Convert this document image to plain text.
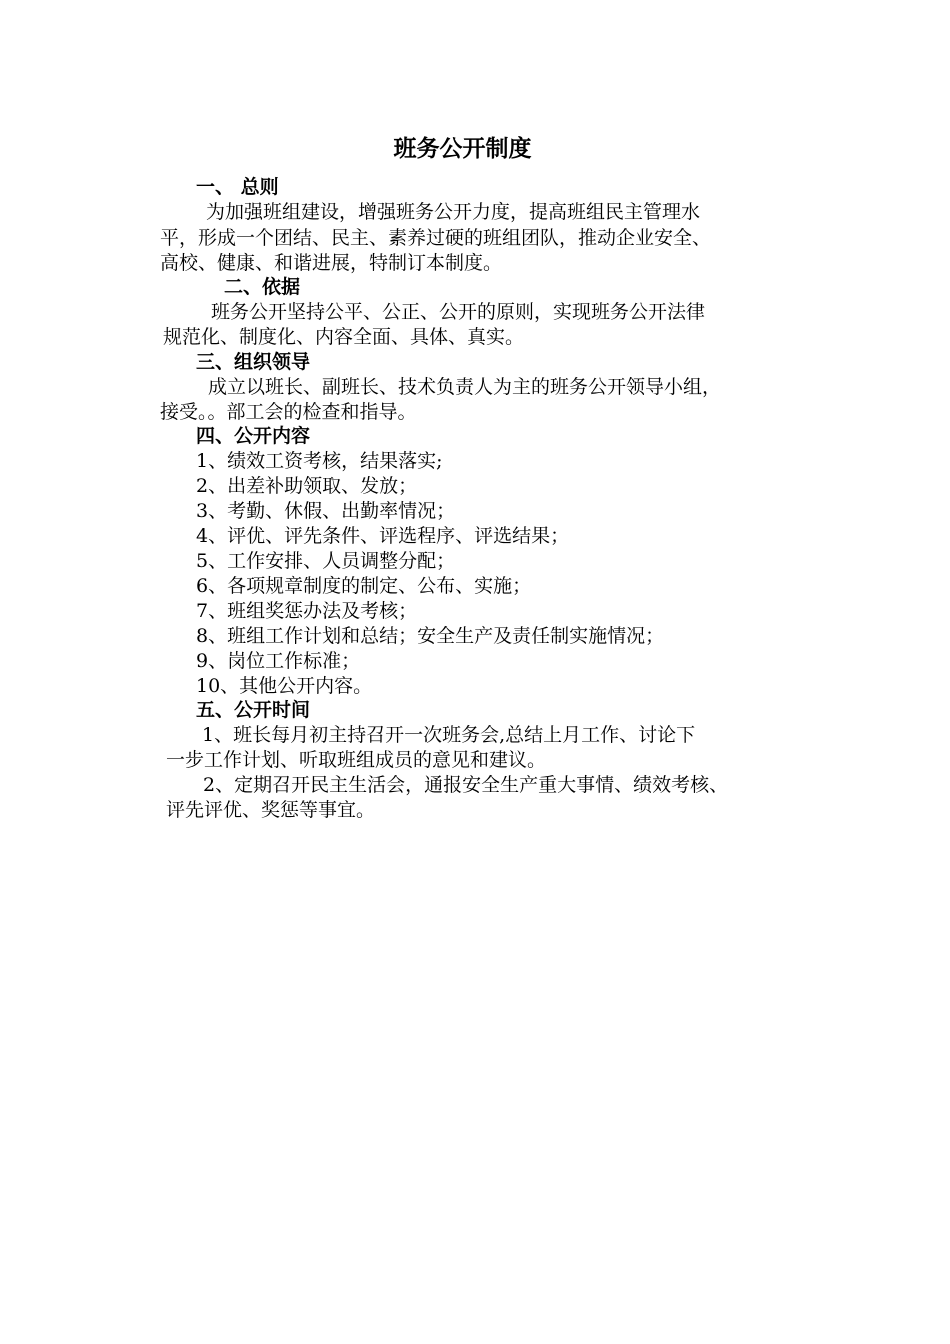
班务公开制度
一、 总则
为加强班组建设，增强班务公开力度，提高班组民主管理水
平，形成一个团结、民主、素养过硬的班组团队，推动企业安全、
高校、健康、和谐进展，特制订本制度。
二、依据
班务公开坚持公平、公正、公开的原则，实现班务公开法律
规范化、制度化、内容全面、具体、真实。
三、组织领导
成立以班长、副班长、技术负责人为主的班务公开领导小组，
接受。。部工会的检查和指导。
四、公开内容
1、绩效工资考核，结果落实;
2、出差补助领取、发放；
3、考勤、休假、出勤率情况；
4、评优、评先条件、评选程序、评选结果；
5、工作安排、人员调整分配；
6、各项规章制度的制定、公布、实施；
7、班组奖惩办法及考核；
8、班组工作计划和总结；安全生产及责任制实施情况；
9、岗位工作标准；
10、其他公开内容。
五、公开时间
1、班长每月初主持召开一次班务会,总结上月工作、讨论下
一步工作计划、听取班组成员的意见和建议。
2、定期召开民主生活会，通报安全生产重大事情、绩效考核、
评先评优、奖惩等事宜。
